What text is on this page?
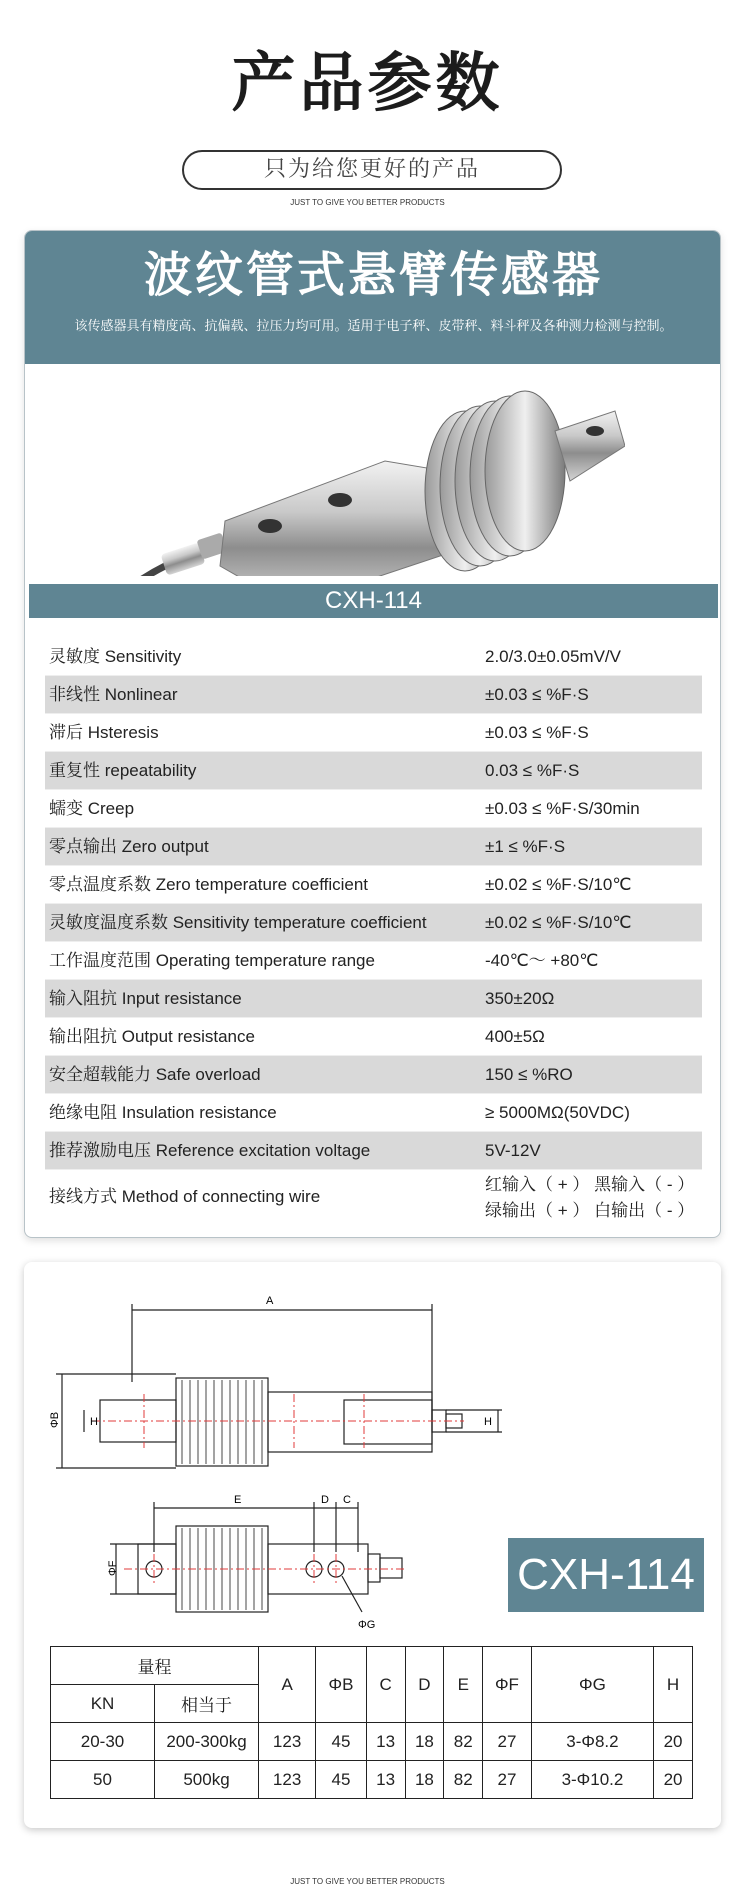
产品参数
只为给您更好的产品
JUST TO GIVE YOU BETTER PRODUCTS
波纹管式悬臂传感器
该传感器具有精度高、抗偏载、拉压力均可用。适用于电子秤、皮带秤、料斗秤及各种测力检测与控制。
CXH-114
灵敏度 Sensitivity	2.0/3.0±0.05mV/V
非线性 Nonlinear	±0.03 ≤ %F·S
滞后 Hsteresis	±0.03 ≤ %F·S
重复性 repeatability	0.03 ≤ %F·S
蠕变 Creep	±0.03 ≤ %F·S/30min
零点输出 Zero output	±1 ≤ %F·S
零点温度系数 Zero temperature coefficient	±0.02 ≤ %F·S/10℃
灵敏度温度系数 Sensitivity temperature coefficient	±0.02 ≤ %F·S/10℃
工作温度范围 Operating temperature range	-40℃～ +80℃
输入阻抗 Input resistance	350±20Ω
输出阻抗 Output resistance	400±5Ω
安全超载能力 Safe overload	150 ≤ %RO
绝缘电阻 Insulation resistance	≥ 5000MΩ(50VDC)
推荐激励电压 Reference excitation voltage	5V-12V
接线方式 Method of connecting wire
红输入（ + ） 黑输入（ - ）
绿输出（ + ） 白输出（ - ）
A
ΦB	H	H
E	D C
ΦF
ΦG
CXH-114
量程		A	ΦB	C	D	E	ΦF	ΦG	H
KN	相当于								
20-30	200-300kg	123	45	13	18	82	27	3-Φ8.2	20
50	500kg	123	45	13	18	82	27	3-Φ10.2	20
JUST TO GIVE YOU BETTER PRODUCTS
